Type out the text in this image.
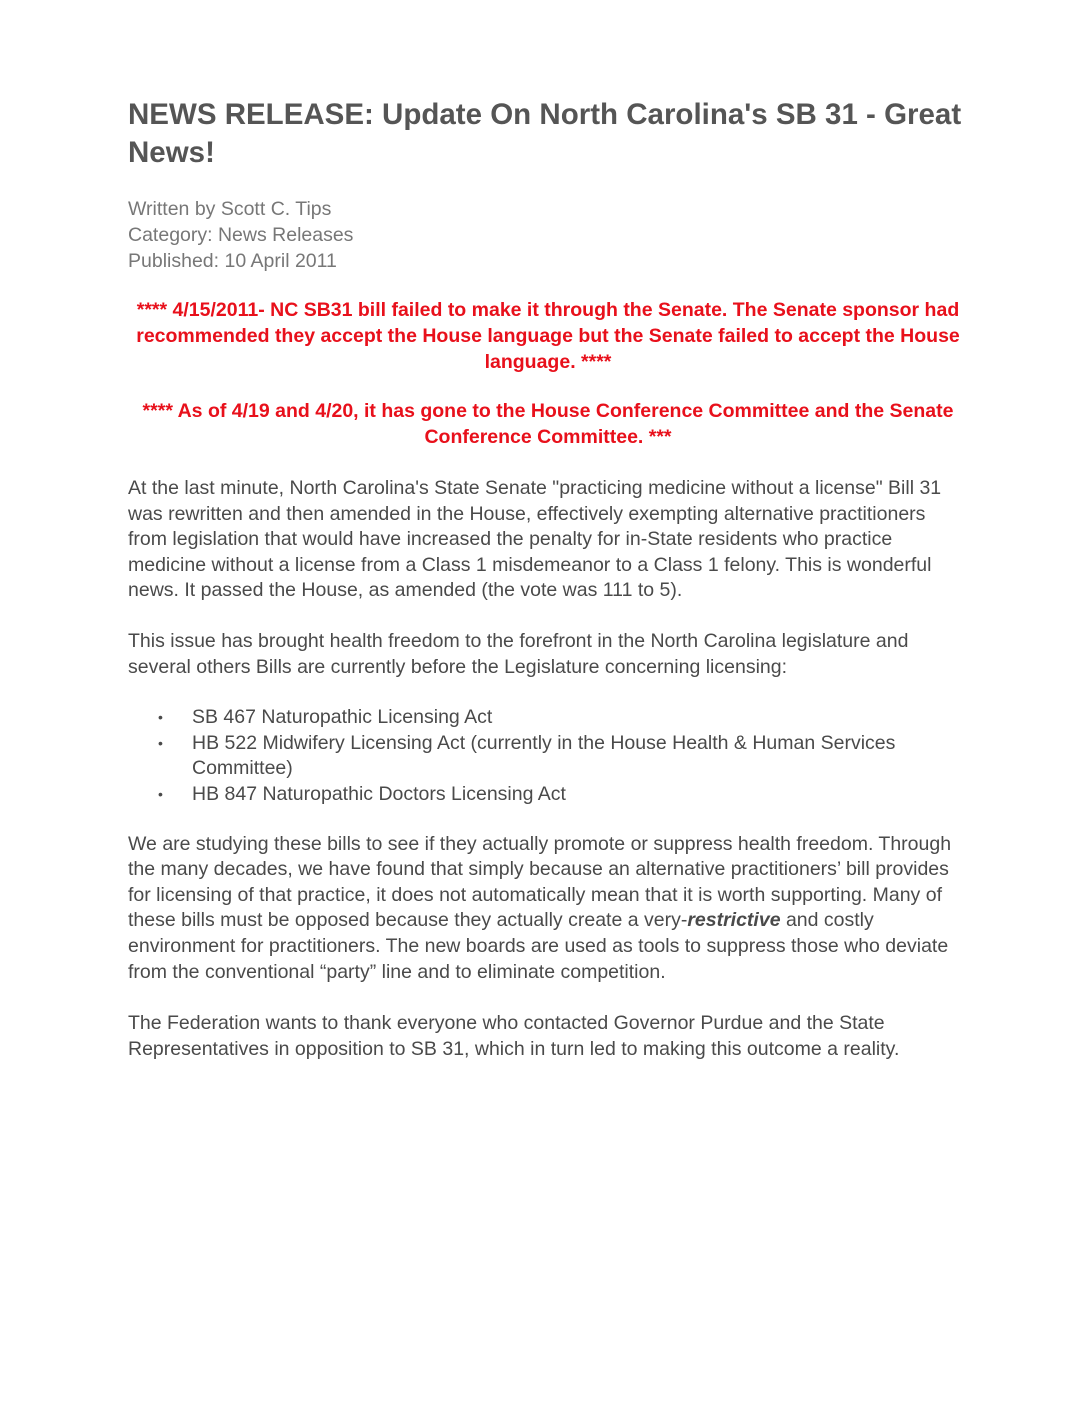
NEWS RELEASE: Update On North Carolina's SB 31 - Great News!
Written by Scott C. Tips
Category: News Releases
Published: 10 April 2011
**** 4/15/2011- NC SB31 bill failed to make it through the Senate. The Senate sponsor had recommended they accept the House language but the Senate failed to accept the House language. ****
**** As of 4/19 and 4/20, it has gone to the House Conference Committee and the Senate Conference Committee. ***

At the last minute, North Carolina's State Senate "practicing medicine without a license" Bill 31 was rewritten and then amended in the House, effectively exempting alternative practitioners from legislation that would have increased the penalty for in-State residents who practice medicine without a license from a Class 1 misdemeanor to a Class 1 felony. This is wonderful news. It passed the House, as amended (the vote was 111 to 5).

This issue has brought health freedom to the forefront in the North Carolina legislature and several others Bills are currently before the Legislature concerning licensing:

• SB 467 Naturopathic Licensing Act
• HB 522 Midwifery Licensing Act (currently in the House Health & Human Services Committee)
• HB 847 Naturopathic Doctors Licensing Act

We are studying these bills to see if they actually promote or suppress health freedom. Through the many decades, we have found that simply because an alternative practitioners’ bill provides for licensing of that practice, it does not automatically mean that it is worth supporting. Many of these bills must be opposed because they actually create a very-restrictive and costly environment for practitioners. The new boards are used as tools to suppress those who deviate from the conventional “party” line and to eliminate competition.

The Federation wants to thank everyone who contacted Governor Purdue and the State Representatives in opposition to SB 31, which in turn led to making this outcome a reality.
